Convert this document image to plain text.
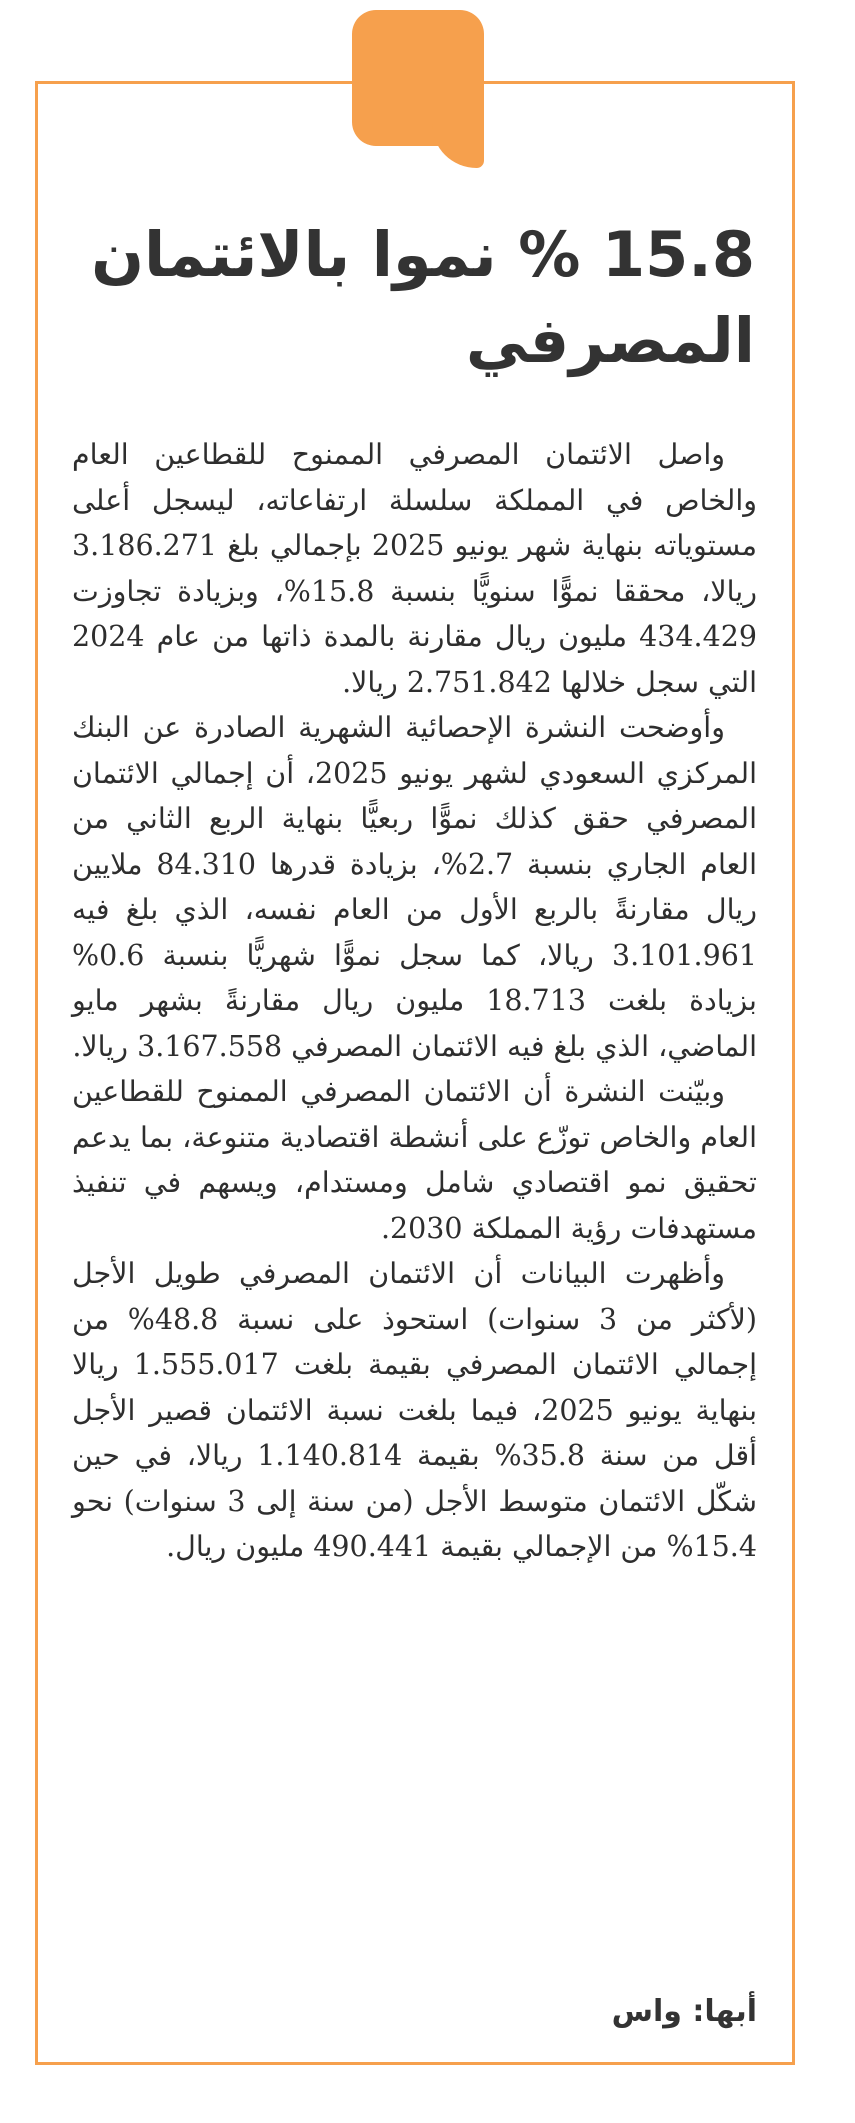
15.8 % نموا بالائتمان المصرفي

واصل الائتمان المصرفي الممنوح للقطاعين العام والخاص في المملكة سلسلة ارتفاعاته، ليسجل أعلى مستوياته بنهاية شهر يونيو 2025 بإجمالي بلغ 3.186.271 ريالا، محققا نموًّا سنويًّا بنسبة 15.8%، وبزيادة تجاوزت 434.429 مليون ريال مقارنة بالمدة ذاتها من عام 2024 التي سجل خلالها 2.751.842 ريالا.

وأوضحت النشرة الإحصائية الشهرية الصادرة عن البنك المركزي السعودي لشهر يونيو 2025، أن إجمالي الائتمان المصرفي حقق كذلك نموًّا ربعيًّا بنهاية الربع الثاني من العام الجاري بنسبة 2.7%، بزيادة قدرها 84.310 ملايين ريال مقارنةً بالربع الأول من العام نفسه، الذي بلغ فيه 3.101.961 ريالا، كما سجل نموًّا شهريًّا بنسبة 0.6% بزيادة بلغت 18.713 مليون ريال مقارنةً بشهر مايو الماضي، الذي بلغ فيه الائتمان المصرفي 3.167.558 ريالا.

وبيّنت النشرة أن الائتمان المصرفي الممنوح للقطاعين العام والخاص توزّع على أنشطة اقتصادية متنوعة، بما يدعم تحقيق نمو اقتصادي شامل ومستدام، ويسهم في تنفيذ مستهدفات رؤية المملكة 2030.

وأظهرت البيانات أن الائتمان المصرفي طويل الأجل (لأكثر من 3 سنوات) استحوذ على نسبة 48.8% من إجمالي الائتمان المصرفي بقيمة بلغت 1.555.017 ريالا بنهاية يونيو 2025، فيما بلغت نسبة الائتمان قصير الأجل أقل من سنة 35.8% بقيمة 1.140.814 ريالا، في حين شكّل الائتمان متوسط الأجل (من سنة إلى 3 سنوات) نحو 15.4% من الإجمالي بقيمة 490.441 مليون ريال.

أبها: واس
